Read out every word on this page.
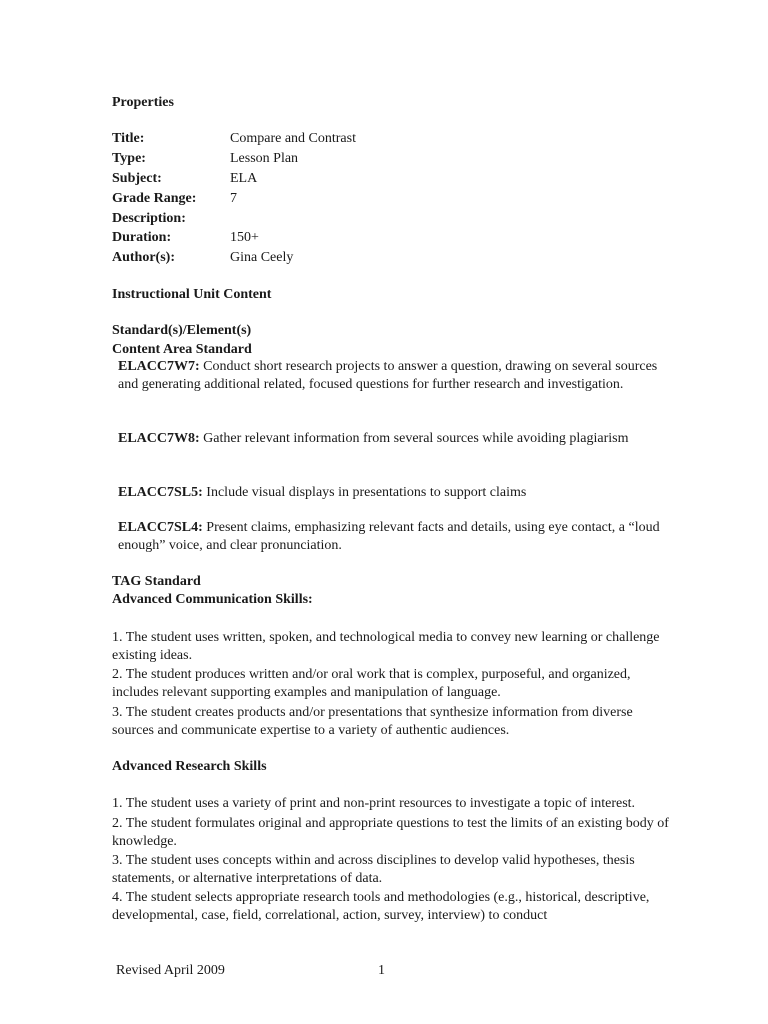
Properties
Title:	Compare and Contrast
Type:	Lesson Plan
Subject:	ELA
Grade Range: 7
Description:
Duration:	150+
Author(s):	Gina Ceely
Instructional Unit Content
Standard(s)/Element(s)
Content Area Standard
ELACC7W7: Conduct short research projects to answer a question, drawing on several sources and generating additional related, focused questions for further research and investigation.
ELACC7W8: Gather relevant information from several sources while avoiding plagiarism
ELACC7SL5: Include visual displays in presentations to support claims
ELACC7SL4: Present claims, emphasizing relevant facts and details, using eye contact, a “loud enough” voice, and clear pronunciation.
TAG Standard
Advanced Communication Skills:
1. The student uses written, spoken, and technological media to convey new learning or challenge existing ideas.
2. The student produces written and/or oral work that is complex, purposeful, and organized, includes relevant supporting examples and manipulation of language.
3. The student creates products and/or presentations that synthesize information from diverse sources and communicate expertise to a variety of authentic audiences.
Advanced Research Skills
1. The student uses a variety of print and non-print resources to investigate a topic of interest.
2. The student formulates original and appropriate questions to test the limits of an existing body of knowledge.
3. The student uses concepts within and across disciplines to develop valid hypotheses, thesis statements, or alternative interpretations of data.
4. The student selects appropriate research tools and methodologies (e.g., historical, descriptive, developmental, case, field, correlational, action, survey, interview) to conduct
Revised April 2009	1
